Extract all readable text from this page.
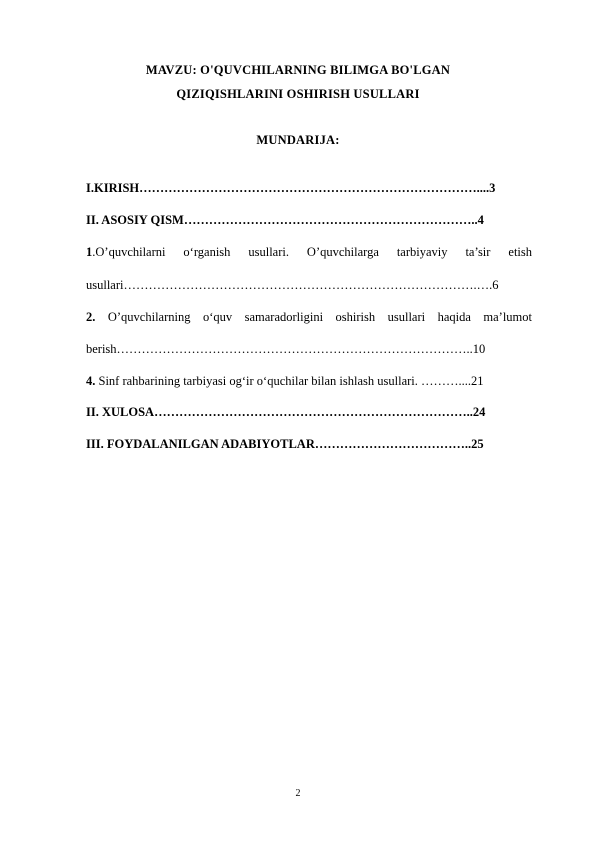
MAVZU: O'QUVCHILARNING BILIMGA BO'LGAN
QIZIQISHLARINI OSHIRISH USULLARI
MUNDARIJA:
I.KIRISH………………………………………………………………………....3
II. ASOSIY QISM……………………………………………………………..4
1.O’quvchilarni o‘rganish usullari. O’quvchilarga tarbiyaviy ta’sir etish
usullari………………………………………………………………………….….6
2. O’quvchilarning o‘quv samaradorligini oshirish usullari haqida ma’lumot
berish…………………………………………………………………………..10
4. Sinf rahbarining tarbiyasi og‘ir o‘quchilar bilan ishlash usullari. ………....21
II. XULOSA…………………………………………………………………..24
III. FOYDALANILGAN ADABIYOTLAR………………………………..25
2
